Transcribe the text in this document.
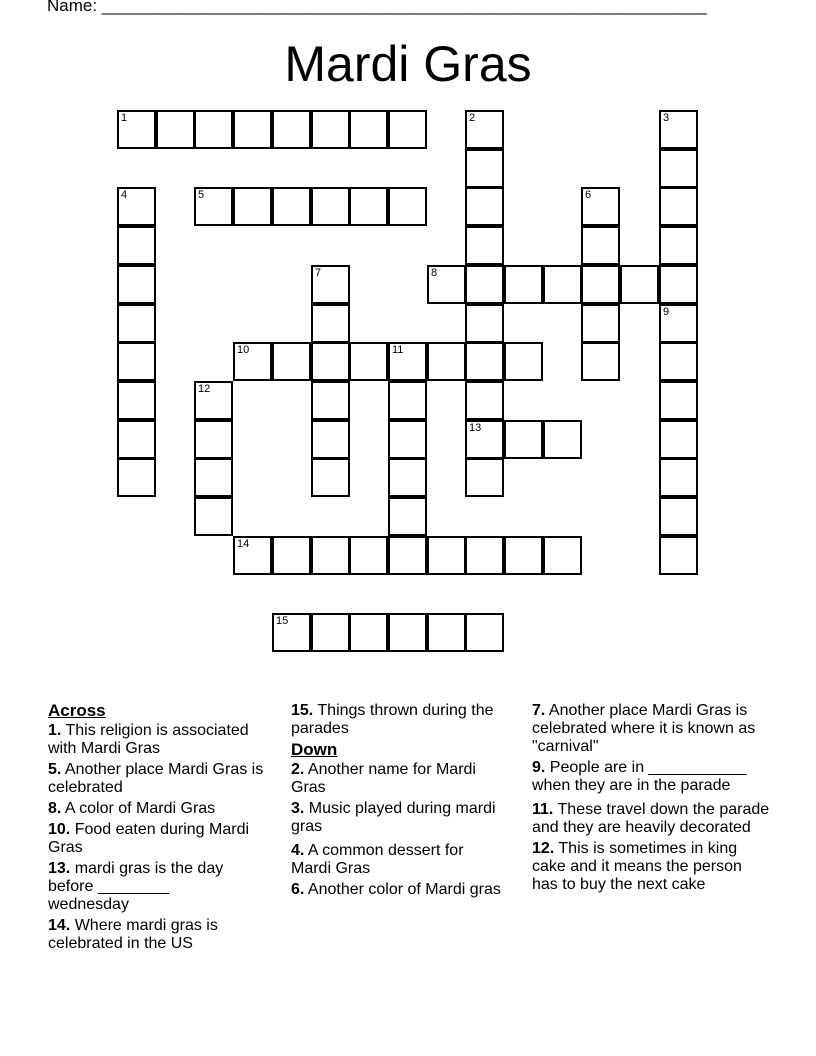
Name: ________________________________________________________________
Mardi Gras
1	2
13
3
4	5	6
7	8
9
10	11
12
14
15
Across
1. This religion is associated with Mardi Gras
5. Another place Mardi Gras is celebrated
8. A color of Mardi Gras
10. Food eaten during Mardi Gras
13. mardi gras is the day before ________ wednesday
14. Where mardi gras is celebrated in the US
15. Things thrown during the parades
Down
2. Another name for Mardi Gras
3. Music played during mardi gras
4. A common dessert for Mardi Gras
6. Another color of Mardi gras
7. Another place Mardi Gras is celebrated where it is known as "carnival"
9. People are in ___________ when they are in the parade
11. These travel down the parade and they are heavily decorated
12. This is sometimes in king cake and it means the person has to buy the next cake
